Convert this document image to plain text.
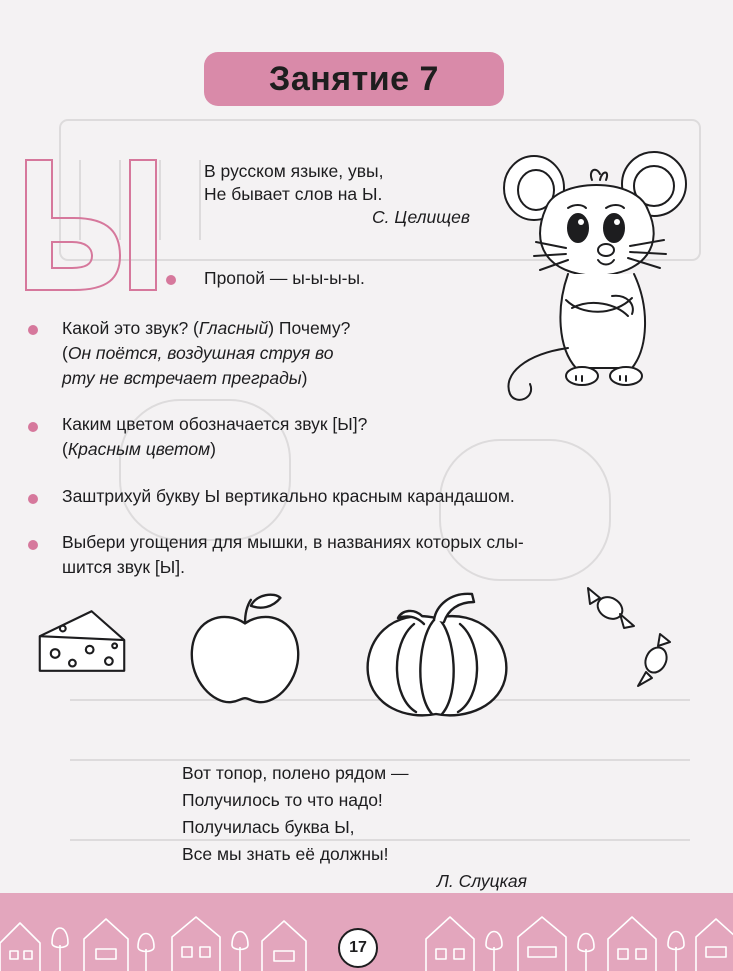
Занятие 7
В русском языке, увы,
Не бывает слов на Ы.
С. Целищев
Пропой — ы-ы-ы-ы.
Какой это звук? (Гласный) Почему?
(Он поётся, воздушная струя во
рту не встречает преграды)
Каким цветом обозначается звук [Ы]?
(Красным цветом)
Заштрихуй букву Ы вертикально красным карандашом.
Выбери угощения для мышки, в названиях которых слы-
шится звук [Ы].
Вот топор, полено рядом —
Получилось то что надо!
Получилась буква Ы,
Все мы знать её должны!
Л. Слуцкая
17
